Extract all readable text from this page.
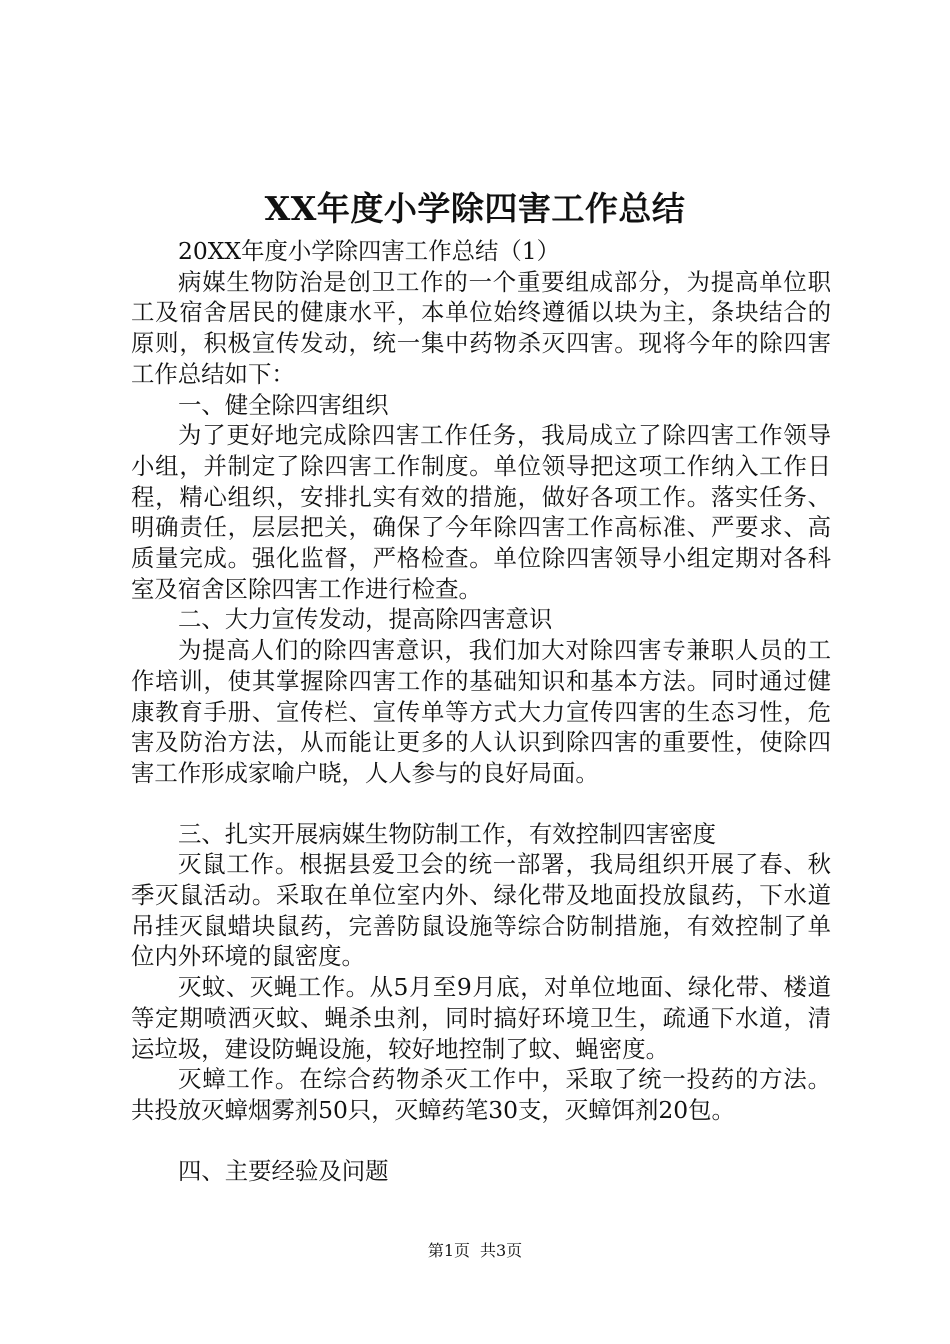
XX年度小学除四害工作总结

20XX年度小学除四害工作总结（1）

病媒生物防治是创卫工作的一个重要组成部分，为提高单位职工及宿舍居民的健康水平，本单位始终遵循以块为主，条块结合的原则，积极宣传发动，统一集中药物杀灭四害。现将今年的除四害工作总结如下：

一、健全除四害组织

为了更好地完成除四害工作任务，我局成立了除四害工作领导小组，并制定了除四害工作制度。单位领导把这项工作纳入工作日程，精心组织，安排扎实有效的措施，做好各项工作。落实任务、明确责任，层层把关，确保了今年除四害工作高标准、严要求、高质量完成。强化监督，严格检查。单位除四害领导小组定期对各科室及宿舍区除四害工作进行检查。

二、大力宣传发动，提高除四害意识

为提高人们的除四害意识，我们加大对除四害专兼职人员的工作培训，使其掌握除四害工作的基础知识和基本方法。同时通过健康教育手册、宣传栏、宣传单等方式大力宣传四害的生态习性，危害及防治方法，从而能让更多的人认识到除四害的重要性，使除四害工作形成家喻户晓，人人参与的良好局面。

三、扎实开展病媒生物防制工作，有效控制四害密度

灭鼠工作。根据县爱卫会的统一部署，我局组织开展了春、秋季灭鼠活动。采取在单位室内外、绿化带及地面投放鼠药，下水道吊挂灭鼠蜡块鼠药，完善防鼠设施等综合防制措施，有效控制了单位内外环境的鼠密度。

灭蚊、灭蝇工作。从5月至9月底，对单位地面、绿化带、楼道等定期喷洒灭蚊、蝇杀虫剂，同时搞好环境卫生，疏通下水道，清运垃圾，建设防蝇设施，较好地控制了蚊、蝇密度。

灭蟑工作。在综合药物杀灭工作中，采取了统一投药的方法。共投放灭蟑烟雾剂50只，灭蟑药笔30支，灭蟑饵剂20包。

四、主要经验及问题

第1页 共3页
